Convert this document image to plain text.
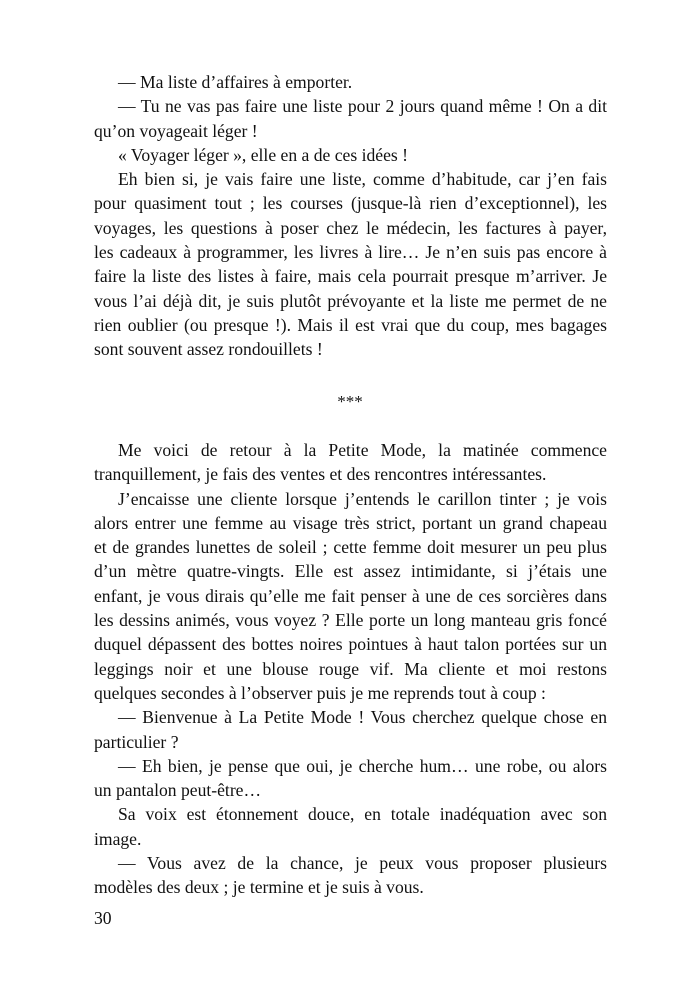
— Ma liste d’affaires à emporter.
— Tu ne vas pas faire une liste pour 2 jours quand même ! On a dit
qu’on voyageait léger !
« Voyager léger », elle en a de ces idées !
Eh bien si, je vais faire une liste, comme d’habitude, car j’en fais
pour quasiment tout ; les courses (jusque-là rien d’exceptionnel), les
voyages, les questions à poser chez le médecin, les factures à payer,
les cadeaux à programmer, les livres à lire… Je n’en suis pas encore à
faire la liste des listes à faire, mais cela pourrait presque m’arriver. Je
vous l’ai déjà dit, je suis plutôt prévoyante et la liste me permet de ne
rien oublier (ou presque !). Mais il est vrai que du coup, mes bagages
sont souvent assez rondouillets !
***
Me voici de retour à la Petite Mode, la matinée commence
tranquillement, je fais des ventes et des rencontres intéressantes.
J’encaisse une cliente lorsque j’entends le carillon tinter ; je vois
alors entrer une femme au visage très strict, portant un grand chapeau
et de grandes lunettes de soleil ; cette femme doit mesurer un peu plus
d’un mètre quatre-vingts. Elle est assez intimidante, si j’étais une
enfant, je vous dirais qu’elle me fait penser à une de ces sorcières dans
les dessins animés, vous voyez ? Elle porte un long manteau gris foncé
duquel dépassent des bottes noires pointues à haut talon portées sur un
leggings noir et une blouse rouge vif. Ma cliente et moi restons
quelques secondes à l’observer puis je me reprends tout à coup :
— Bienvenue à La Petite Mode ! Vous cherchez quelque chose en
particulier ?
— Eh bien, je pense que oui, je cherche hum… une robe, ou alors
un pantalon peut-être…
Sa voix est étonnement douce, en totale inadéquation avec son
image.
— Vous avez de la chance, je peux vous proposer plusieurs
modèles des deux ; je termine et je suis à vous.
30
